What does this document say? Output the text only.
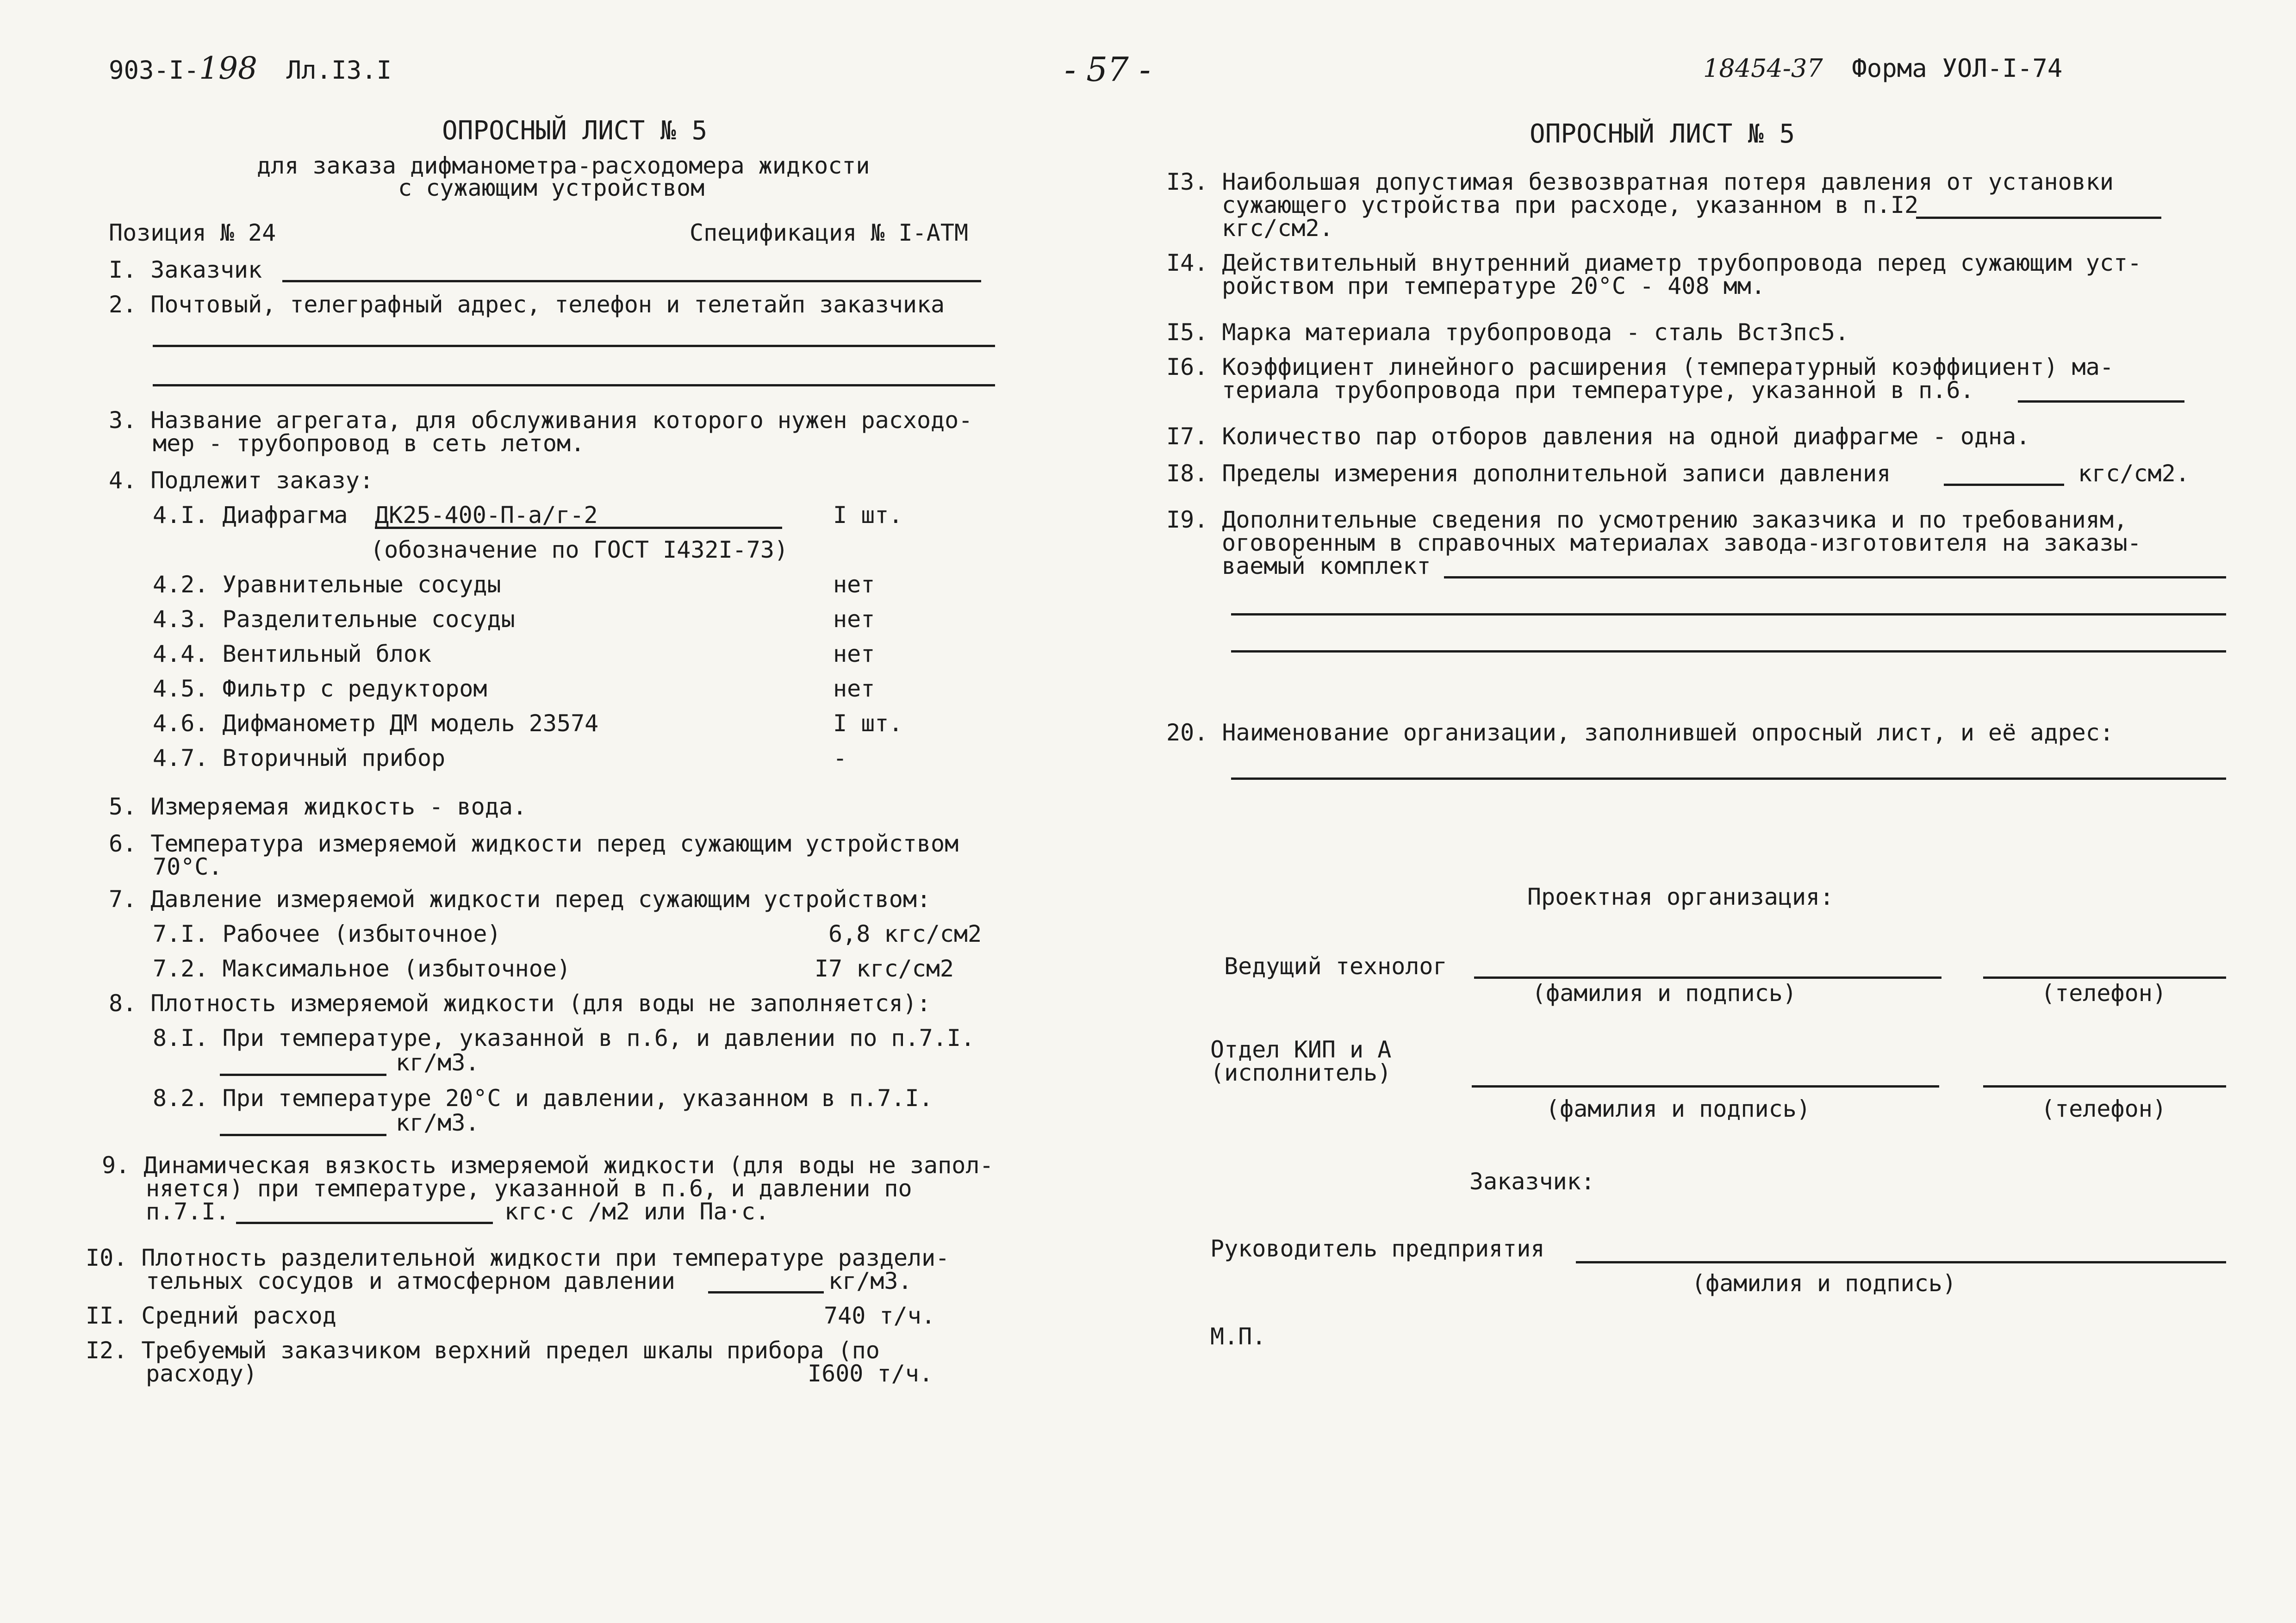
903-I-198 Лл.I3.I	- 57 -	18454-37 Форма УОЛ-I-74
ОПРОСНЫЙ ЛИСТ № 5
для заказа дифманометра-расходомера жидкости
с сужающим устройством
Позиция № 24	Спецификация № I-АТМ
I. Заказчик
2. Почтовый, телеграфный адрес, телефон и телетайп заказчика
3. Название агрегата, для обслуживания которого нужен расходо-
мер - трубопровод в сеть летом.
4. Подлежит заказу:
4.I. Диафрагма ДК25-400-П-а/г-2	I шт.
(обозначение по ГОСТ I432I-73)
4.2. Уравнительные сосуды	нет
4.3. Разделительные сосуды	нет
4.4. Вентильный блок	нет
4.5. Фильтр с редуктором	нет
4.6. Дифманометр ДМ модель 23574	I шт.
4.7. Вторичный прибор	-
5. Измеряемая жидкость - вода.
6. Температура измеряемой жидкости перед сужающим устройством
70°С.
7. Давление измеряемой жидкости перед сужающим устройством:
7.I. Рабочее (избыточное)	6,8 кгс/см2
7.2. Максимальное (избыточное)	I7 кгс/см2
8. Плотность измеряемой жидкости (для воды не заполняется):
8.I. При температуре, указанной в п.6, и давлении по п.7.I.
кг/м3.
8.2. При температуре 20°С и давлении, указанном в п.7.I.
кг/м3.
9. Динамическая вязкость измеряемой жидкости (для воды не запол-
няется) при температуре, указанной в п.6, и давлении по
п.7.I.	кгс·с /м2 или Па·с.
I0. Плотность разделительной жидкости при температуре раздели-
тельных сосудов и атмосферном давлении	кг/м3.
II. Средний расход	740 т/ч.
I2. Требуемый заказчиком верхний предел шкалы прибора (по
расходу)	I600 т/ч.
ОПРОСНЫЙ ЛИСТ № 5
I3. Наибольшая допустимая безвозвратная потеря давления от установки
сужающего устройства при расходе, указанном в п.I2
кгс/см2.
I4. Действительный внутренний диаметр трубопровода перед сужающим уст-
ройством при температуре 20°С - 408 мм.
I5. Марка материала трубопровода - сталь ВстЗпс5.
I6. Коэффициент линейного расширения (температурный коэффициент) ма-
териала трубопровода при температуре, указанной в п.6.
I7. Количество пар отборов давления на одной диафрагме - одна.
I8. Пределы измерения дополнительной записи давления	кгс/см2.
I9. Дополнительные сведения по усмотрению заказчика и по требованиям,
оговоренным в справочных материалах завода-изготовителя на заказы-
ваемый комплект
20. Наименование организации, заполнившей опросный лист, и её адрес:
Проектная организация:
Ведущий технолог
(фамилия и подпись)	(телефон)
Отдел КИП и А
(исполнитель)
(фамилия и подпись)	(телефон)
Заказчик:
Руководитель предприятия
(фамилия и подпись)
М.П.
